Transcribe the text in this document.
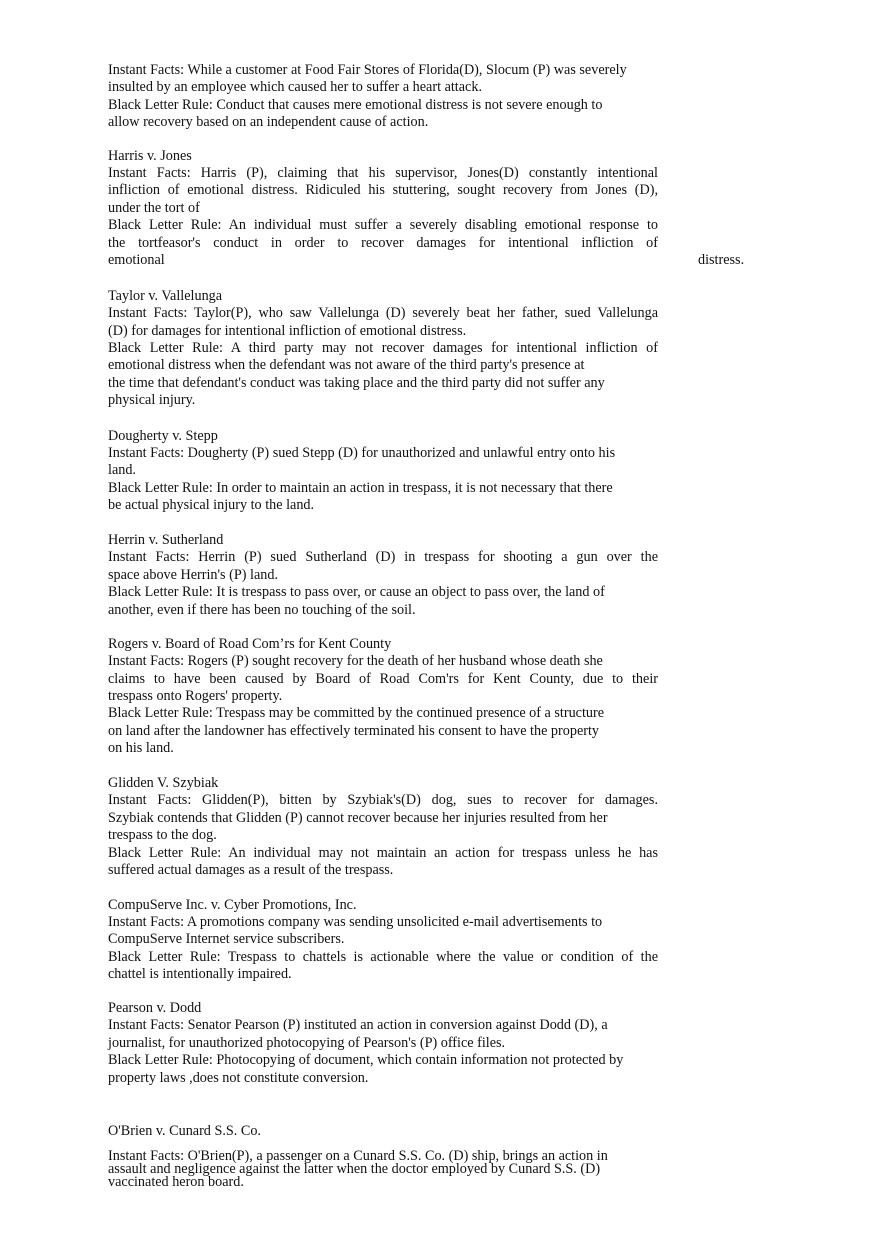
Instant Facts: While a customer at Food Fair Stores of Florida(D), Slocum (P) was severely
insulted by an employee which caused her to suffer a heart attack.
Black Letter Rule: Conduct that causes mere emotional distress is not severe enough to
allow recovery based on an independent cause of action.
Harris v. Jones
Instant Facts: Harris (P), claiming that his supervisor, Jones(D) constantly intentional
infliction of emotional distress. Ridiculed his stuttering, sought recovery from Jones (D),
under the tort of
Black Letter Rule: An individual must suffer a severely disabling emotional response to
the tortfeasor's conduct in order to recover damages for intentional infliction of
emotional	distress.
Taylor v. Vallelunga
Instant Facts: Taylor(P), who saw Vallelunga (D) severely beat her father, sued Vallelunga
(D) for damages for intentional infliction of emotional distress.
Black Letter Rule: A third party may not recover damages for intentional infliction of
emotional distress when the defendant was not aware of the third party's presence at
the time that defendant's conduct was taking place and the third party did not suffer any
physical injury.
Dougherty v. Stepp
Instant Facts: Dougherty (P) sued Stepp (D) for unauthorized and unlawful entry onto his
land.
Black Letter Rule: In order to maintain an action in trespass, it is not necessary that there
be actual physical injury to the land.
Herrin v. Sutherland
Instant Facts: Herrin (P) sued Sutherland (D) in trespass for shooting a gun over the
space above Herrin's (P) land.
Black Letter Rule: It is trespass to pass over, or cause an object to pass over, the land of
another, even if there has been no touching of the soil.
Rogers v. Board of Road Com’rs for Kent County
Instant Facts: Rogers (P) sought recovery for the death of her husband whose death she
claims to have been caused by Board of Road Com'rs for Kent County, due to their
trespass onto Rogers' property.
Black Letter Rule: Trespass may be committed by the continued presence of a structure
on land after the landowner has effectively terminated his consent to have the property
on his land.
Glidden V. Szybiak
Instant Facts: Glidden(P), bitten by Szybiak's(D) dog, sues to recover for damages.
Szybiak contends that Glidden (P) cannot recover because her injuries resulted from her
trespass to the dog.
Black Letter Rule: An individual may not maintain an action for trespass unless he has
suffered actual damages as a result of the trespass.
CompuServe Inc. v. Cyber Promotions, Inc.
Instant Facts: A promotions company was sending unsolicited e-mail advertisements to
CompuServe Internet service subscribers.
Black Letter Rule: Trespass to chattels is actionable where the value or condition of the
chattel is intentionally impaired.
Pearson v. Dodd
Instant Facts: Senator Pearson (P) instituted an action in conversion against Dodd (D), a
journalist, for unauthorized photocopying of Pearson's (P) office files.
Black Letter Rule: Photocopying of document, which contain information not protected by
property laws ,does not constitute conversion.
O'Brien v. Cunard S.S. Co.
Instant Facts: O'Brien(P), a passenger on a Cunard S.S. Co. (D) ship, brings an action in
assault and negligence against the latter when the doctor employed by Cunard S.S. (D)
vaccinated heron board.
